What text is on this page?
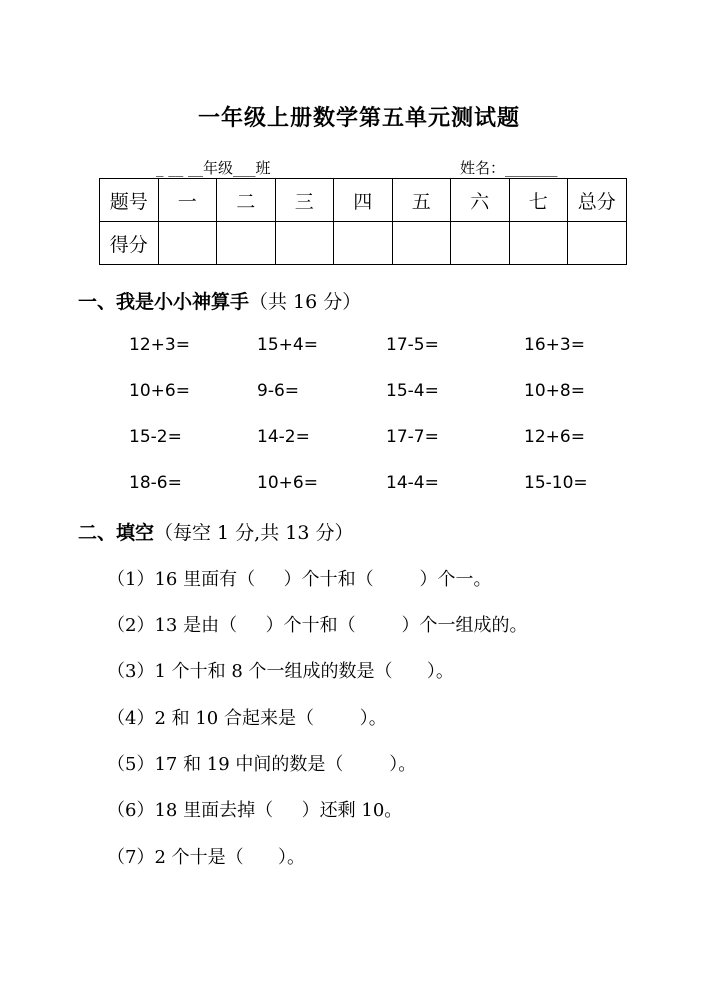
一年级上册数学第五单元测试题
_ __ __年级___班	姓名：_______
题号	一	二	三	四	五	六	七	总分
得分								
一、我是小小神算手（共 16 分）
12+3=	15+4=	17-5=	16+3=
10+6=	9-6=	15-4=	10+8=
15-2=	14-2=	17-7=	12+6=
18-6=	10+6=	14-4=	15-10=
二、填空（每空 1 分,共 13 分）
（1）16 里面有（     ）个十和（        ）个一。
（2）13 是由（     ）个十和（        ）个一组成的。
（3）1 个十和 8 个一组成的数是（      ）。
（4）2 和 10 合起来是（        ）。
（5）17 和 19 中间的数是（        ）。
（6）18 里面去掉（     ）还剩 10。
（7）2 个十是（      ）。
